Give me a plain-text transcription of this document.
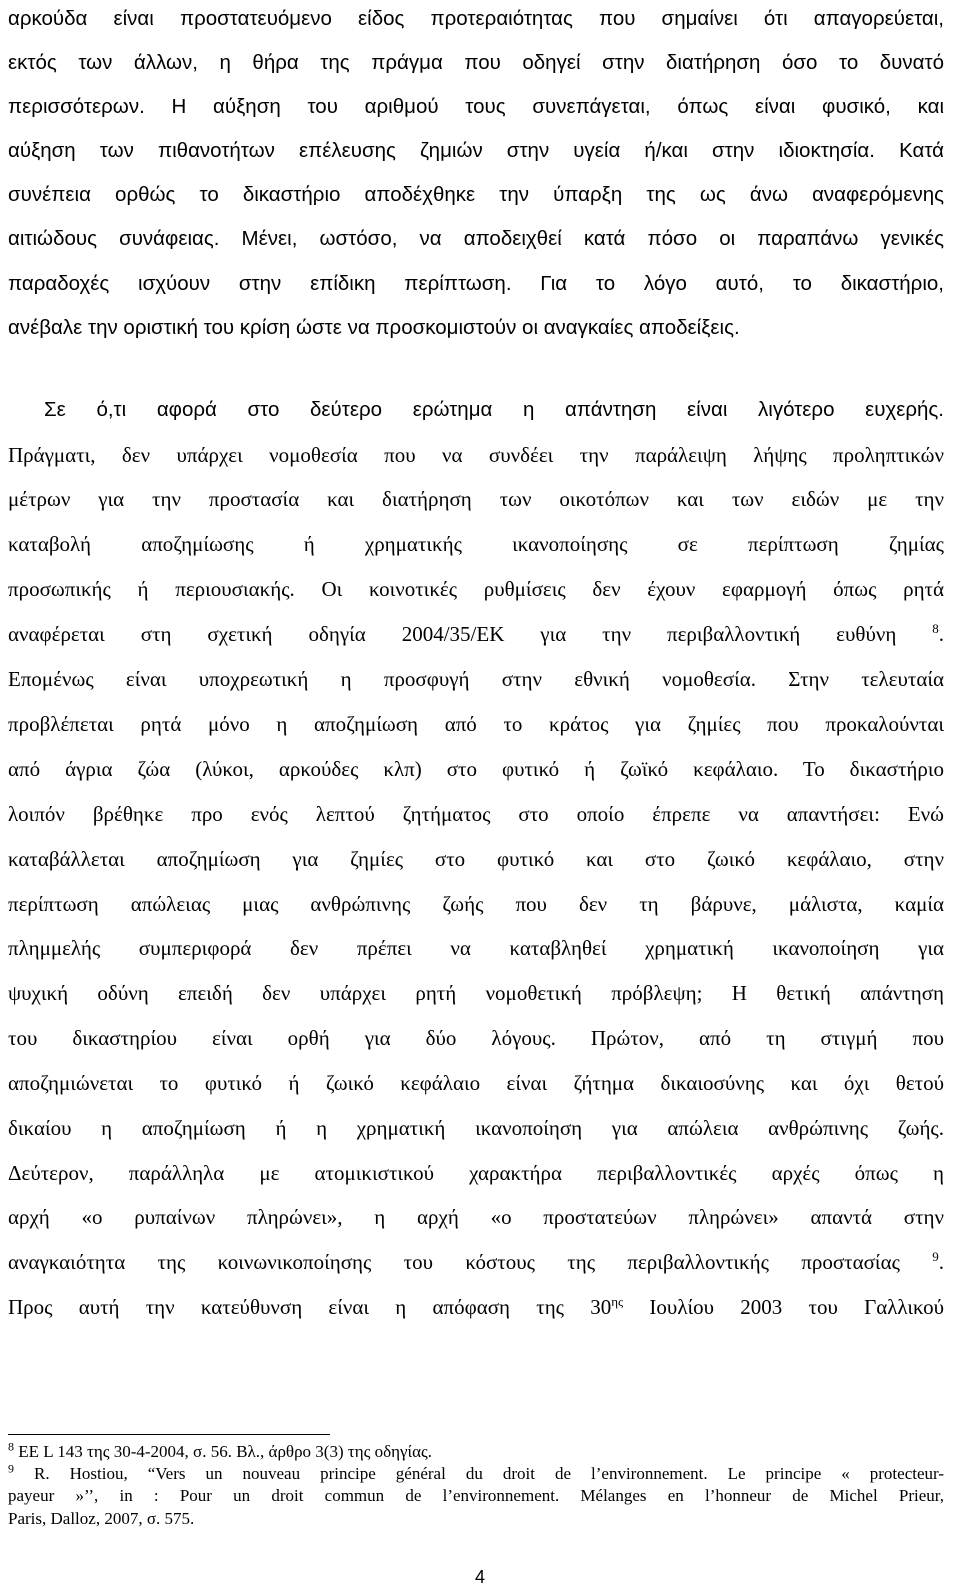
αρκούδα είναι προστατευόμενο είδος προτεραιότητας που σημαίνει ότι απαγορεύεται,
εκτός των άλλων, η θήρα της πράγμα που οδηγεί στην διατήρηση όσο το δυνατό
περισσότερων. Η αύξηση του αριθμού τους συνεπάγεται, όπως είναι φυσικό, και
αύξηση των πιθανοτήτων επέλευσης ζημιών στην υγεία ή/και στην ιδιοκτησία. Κατά
συνέπεια ορθώς το δικαστήριο αποδέχθηκε την ύπαρξη της ως άνω αναφερόμενης
αιτιώδους συνάφειας. Μένει, ωστόσο, να αποδειχθεί κατά πόσο οι παραπάνω γενικές
παραδοχές ισχύουν στην επίδικη περίπτωση. Για το λόγο αυτό, το δικαστήριο,
ανέβαλε την οριστική του κρίση ώστε να προσκομιστούν οι αναγκαίες αποδείξεις.
Σε ό,τι αφορά στο δεύτερο ερώτημα η απάντηση είναι λιγότερο ευχερής.
Πράγματι, δεν υπάρχει νομοθεσία που να συνδέει την παράλειψη λήψης προληπτικών
μέτρων για την προστασία και διατήρηση των οικοτόπων και των ειδών με την
καταβολή αποζημίωσης ή χρηματικής ικανοποίησης σε περίπτωση ζημίας
προσωπικής ή περιουσιακής. Οι κοινοτικές ρυθμίσεις δεν έχουν εφαρμογή όπως ρητά
αναφέρεται στη σχετική οδηγία 2004/35/ΕΚ για την περιβαλλοντική ευθύνη	$^8$.
Επομένως είναι υποχρεωτική η προσφυγή στην εθνική νομοθεσία. Στην τελευταία
προβλέπεται ρητά μόνο η αποζημίωση από το κράτος για ζημίες που προκαλούνται
από άγρια ζώα (λύκοι, αρκούδες κλπ) στο φυτικό ή ζωϊκό κεφάλαιο. Το δικαστήριο
λοιπόν βρέθηκε προ ενός λεπτού ζητήματος στο οποίο έπρεπε να απαντήσει: Ενώ
καταβάλλεται αποζημίωση για ζημίες στο φυτικό και στο ζωικό κεφάλαιο, στην
περίπτωση απώλειας μιας ανθρώπινης ζωής που δεν τη βάρυνε, μάλιστα, καμία
πλημμελής συμπεριφορά δεν πρέπει να καταβληθεί χρηματική ικανοποίηση για
ψυχική οδύνη επειδή δεν υπάρχει ρητή νομοθετική πρόβλεψη; Η θετική απάντηση
του δικαστηρίου είναι ορθή για δύο λόγους. Πρώτον, από τη στιγμή που
αποζημιώνεται το φυτικό ή ζωικό κεφάλαιο είναι ζήτημα δικαιοσύνης και όχι θετού
δικαίου η αποζημίωση ή η χρηματική ικανοποίηση για απώλεια ανθρώπινης ζωής.
Δεύτερον, παράλληλα με ατομικιστικού χαρακτήρα περιβαλλοντικές αρχές όπως η
αρχή «ο ρυπαίνων πληρώνει», η αρχή «ο προστατεύων πληρώνει» απαντά στην
αναγκαιότητα της κοινωνικοποίησης του κόστους της περιβαλλοντικής προστασίας $^9$.
Προς αυτή την κατεύθυνση είναι η απόφαση της $30^{\eta\varsigma}$ Ιουλίου 2003 του Γαλλικού
$^8$ ΕΕ L 143 της 30-4-2004, σ. 56. Βλ., άρθρο 3(3) της οδηγίας.
$^9$ R. Hostiou, “Vers un nouveau principe général du droit de l’environnement. Le principe « protecteur-
payeur »’’, in : Pour un droit commun de l’environnement. Mélanges en l’honneur de Michel Prieur,
Paris, Dalloz, 2007, σ. 575.
4
